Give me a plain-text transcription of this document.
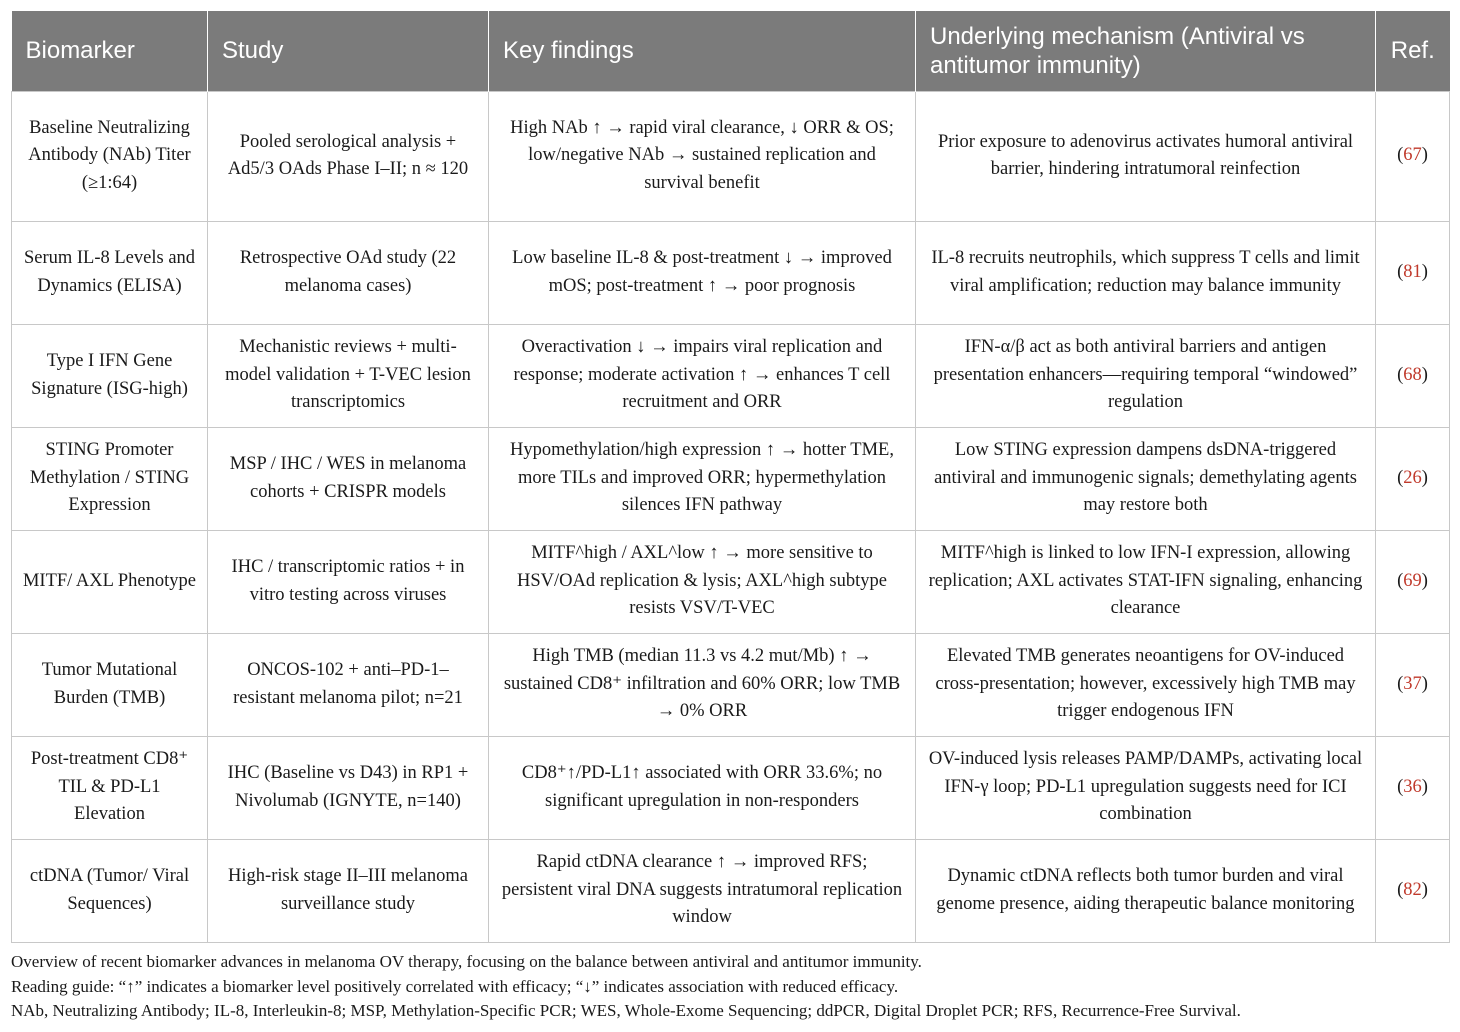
Biomarker	Study	Key findings	Underlying mechanism (Antiviral vs antitumor immunity)	Ref.
Baseline Neutralizing Antibody (NAb) Titer (≥1:64)	Pooled serological analysis + Ad5/3 OAds Phase I–II; n ≈ 120	High NAb ↑ → rapid viral clearance, ↓ ORR & OS; low/negative NAb → sustained replication and survival benefit	Prior exposure to adenovirus activates humoral antiviral barrier, hindering intratumoral reinfection	(67)
Serum IL-8 Levels and Dynamics (ELISA)	Retrospective OAd study (22 melanoma cases)	Low baseline IL-8 & post-treatment ↓ → improved mOS; post-treatment ↑ → poor prognosis	IL-8 recruits neutrophils, which suppress T cells and limit viral amplification; reduction may balance immunity	(81)
Type I IFN Gene Signature (ISG-high)	Mechanistic reviews + multi-model validation + T-VEC lesion transcriptomics	Overactivation ↓ → impairs viral replication and response; moderate activation ↑ → enhances T cell recruitment and ORR	IFN-α/β act as both antiviral barriers and antigen presentation enhancers—requiring temporal “windowed” regulation	(68)
STING Promoter Methylation / STING Expression	MSP / IHC / WES in melanoma cohorts + CRISPR models	Hypomethylation/high expression ↑ → hotter TME, more TILs and improved ORR; hypermethylation silences IFN pathway	Low STING expression dampens dsDNA-triggered antiviral and immunogenic signals; demethylating agents may restore both	(26)
MITF/ AXL Phenotype	IHC / transcriptomic ratios + in vitro testing across viruses	MITF^high / AXL^low ↑ → more sensitive to HSV/OAd replication & lysis; AXL^high subtype resists VSV/T-VEC	MITF^high is linked to low IFN-I expression, allowing replication; AXL activates STAT-IFN signaling, enhancing clearance	(69)
Tumor Mutational Burden (TMB)	ONCOS-102 + anti–PD-1–resistant melanoma pilot; n=21	High TMB (median 11.3 vs 4.2 mut/Mb) ↑ → sustained CD8⁺ infiltration and 60% ORR; low TMB → 0% ORR	Elevated TMB generates neoantigens for OV-induced cross-presentation; however, excessively high TMB may trigger endogenous IFN	(37)
Post-treatment CD8⁺ TIL & PD-L1 Elevation	IHC (Baseline vs D43) in RP1 + Nivolumab (IGNYTE, n=140)	CD8⁺↑/PD-L1↑ associated with ORR 33.6%; no significant upregulation in non-responders	OV-induced lysis releases PAMP/DAMPs, activating local IFN-γ loop; PD-L1 upregulation suggests need for ICI combination	(36)
ctDNA (Tumor/ Viral Sequences)	High-risk stage II–III melanoma surveillance study	Rapid ctDNA clearance ↑ → improved RFS; persistent viral DNA suggests intratumoral replication window	Dynamic ctDNA reflects both tumor burden and viral genome presence, aiding therapeutic balance monitoring	(82)
Overview of recent biomarker advances in melanoma OV therapy, focusing on the balance between antiviral and antitumor immunity.
Reading guide: “↑” indicates a biomarker level positively correlated with efficacy; “↓” indicates association with reduced efficacy.
NAb, Neutralizing Antibody; IL-8, Interleukin-8; MSP, Methylation-Specific PCR; WES, Whole-Exome Sequencing; ddPCR, Digital Droplet PCR; RFS, Recurrence-Free Survival.
